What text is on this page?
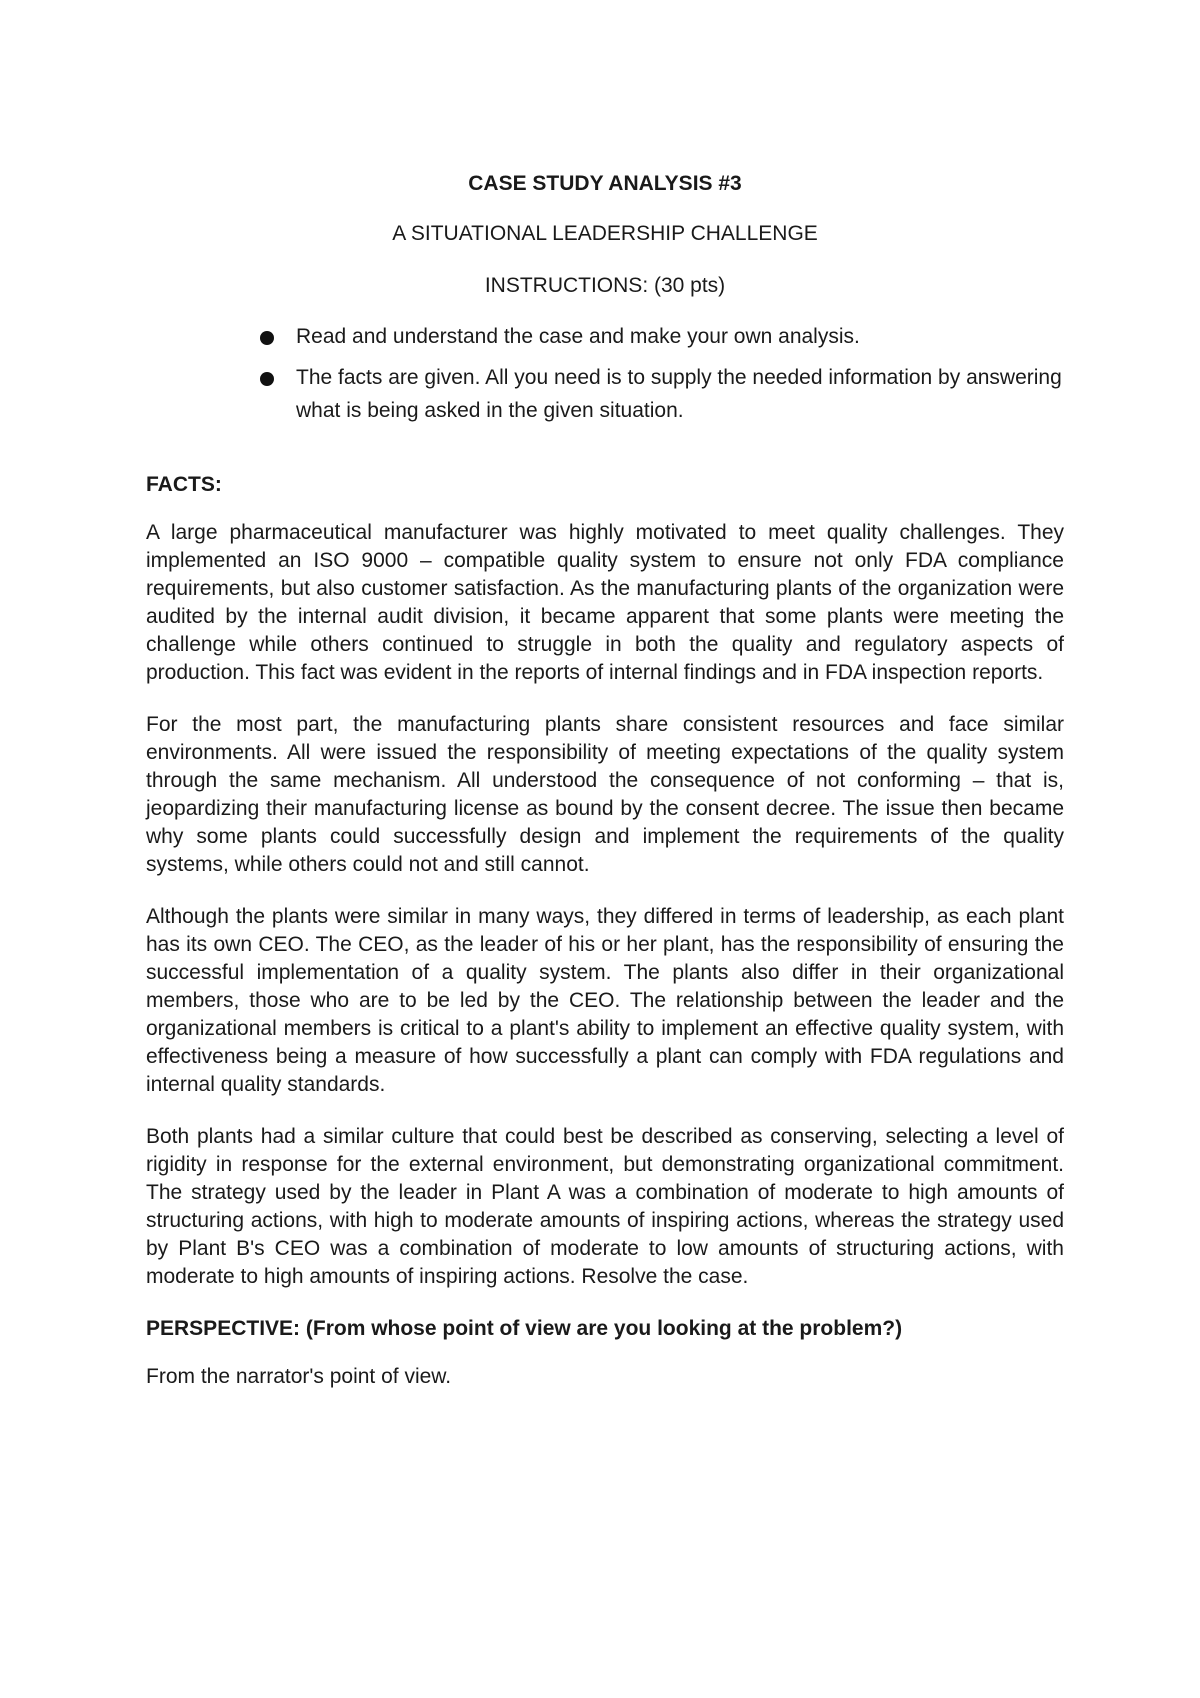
CASE STUDY ANALYSIS #3

A SITUATIONAL LEADERSHIP CHALLENGE

INSTRUCTIONS: (30 pts)

Read and understand the case and make your own analysis.
The facts are given. All you need is to supply the needed information by answering what is being asked in the given situation.

FACTS:

A large pharmaceutical manufacturer was highly motivated to meet quality challenges. They implemented an ISO 9000 – compatible quality system to ensure not only FDA compliance requirements, but also customer satisfaction. As the manufacturing plants of the organization were audited by the internal audit division, it became apparent that some plants were meeting the challenge while others continued to struggle in both the quality and regulatory aspects of production. This fact was evident in the reports of internal findings and in FDA inspection reports.

For the most part, the manufacturing plants share consistent resources and face similar environments. All were issued the responsibility of meeting expectations of the quality system through the same mechanism. All understood the consequence of not conforming – that is, jeopardizing their manufacturing license as bound by the consent decree. The issue then became why some plants could successfully design and implement the requirements of the quality systems, while others could not and still cannot.

Although the plants were similar in many ways, they differed in terms of leadership, as each plant has its own CEO. The CEO, as the leader of his or her plant, has the responsibility of ensuring the successful implementation of a quality system. The plants also differ in their organizational members, those who are to be led by the CEO. The relationship between the leader and the organizational members is critical to a plant's ability to implement an effective quality system, with effectiveness being a measure of how successfully a plant can comply with FDA regulations and internal quality standards.

Both plants had a similar culture that could best be described as conserving, selecting a level of rigidity in response for the external environment, but demonstrating organizational commitment. The strategy used by the leader in Plant A was a combination of moderate to high amounts of structuring actions, with high to moderate amounts of inspiring actions, whereas the strategy used by Plant B's CEO was a combination of moderate to low amounts of structuring actions, with moderate to high amounts of inspiring actions. Resolve the case.

PERSPECTIVE: (From whose point of view are you looking at the problem?)

From the narrator's point of view.
